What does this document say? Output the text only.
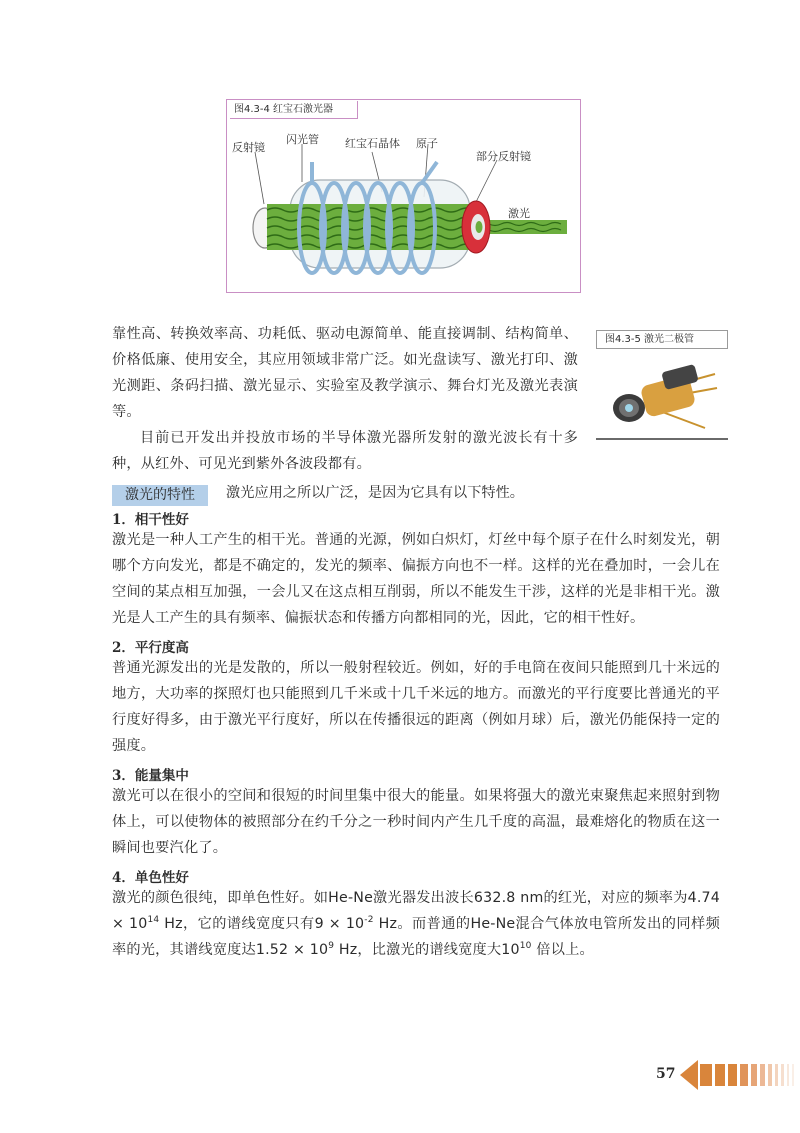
图4.3-4 红宝石激光器
反射镜
闪光管 红宝石晶体 原子
部分反射镜
激光
图4.3-5 激光二极管

靠性高、转换效率高、功耗低、驱动电源简单、能直接调制、结构简单、价格低廉、使用安全，其应用领域非常广泛。如光盘读写、激光打印、激光测距、条码扫描、激光显示、实验室及教学演示、舞台灯光及激光表演等。

目前已开发出并投放市场的半导体激光器所发射的激光波长有十多种，从红外、可见光到紫外各波段都有。

激光的特性	激光应用之所以广泛，是因为它具有以下特性。
1．相干性好

激光是一种人工产生的相干光。普通的光源，例如白炽灯，灯丝中每个原子在什么时刻发光，朝哪个方向发光，都是不确定的，发光的频率、偏振方向也不一样。这样的光在叠加时，一会儿在空间的某点相互加强，一会儿又在这点相互削弱，所以不能发生干涉，这样的光是非相干光。激光是人工产生的具有频率、偏振状态和传播方向都相同的光，因此，它的相干性好。

2．平行度高

普通光源发出的光是发散的，所以一般射程较近。例如，好的手电筒在夜间只能照到几十米远的地方，大功率的探照灯也只能照到几千米或十几千米远的地方。而激光的平行度要比普通光的平行度好得多，由于激光平行度好，所以在传播很远的距离（例如月球）后，激光仍能保持一定的强度。

3．能量集中

激光可以在很小的空间和很短的时间里集中很大的能量。如果将强大的激光束聚焦起来照射到物体上，可以使物体的被照部分在约千分之一秒时间内产生几千度的高温，最难熔化的物质在这一瞬间也要汽化了。

4．单色性好

激光的颜色很纯，即单色性好。如He-Ne激光器发出波长632.8 nm的红光，对应的频率为$4.74 \times 10^{14}$ Hz，它的谱线宽度只有$9 \times 10^{-2}$ Hz。而普通的He-Ne混合气体放电管所发出的同样频率的光，其谱线宽度达$1.52 \times 10^9$ Hz，比激光的谱线宽度大$10^{10}$ 倍以上。

57
